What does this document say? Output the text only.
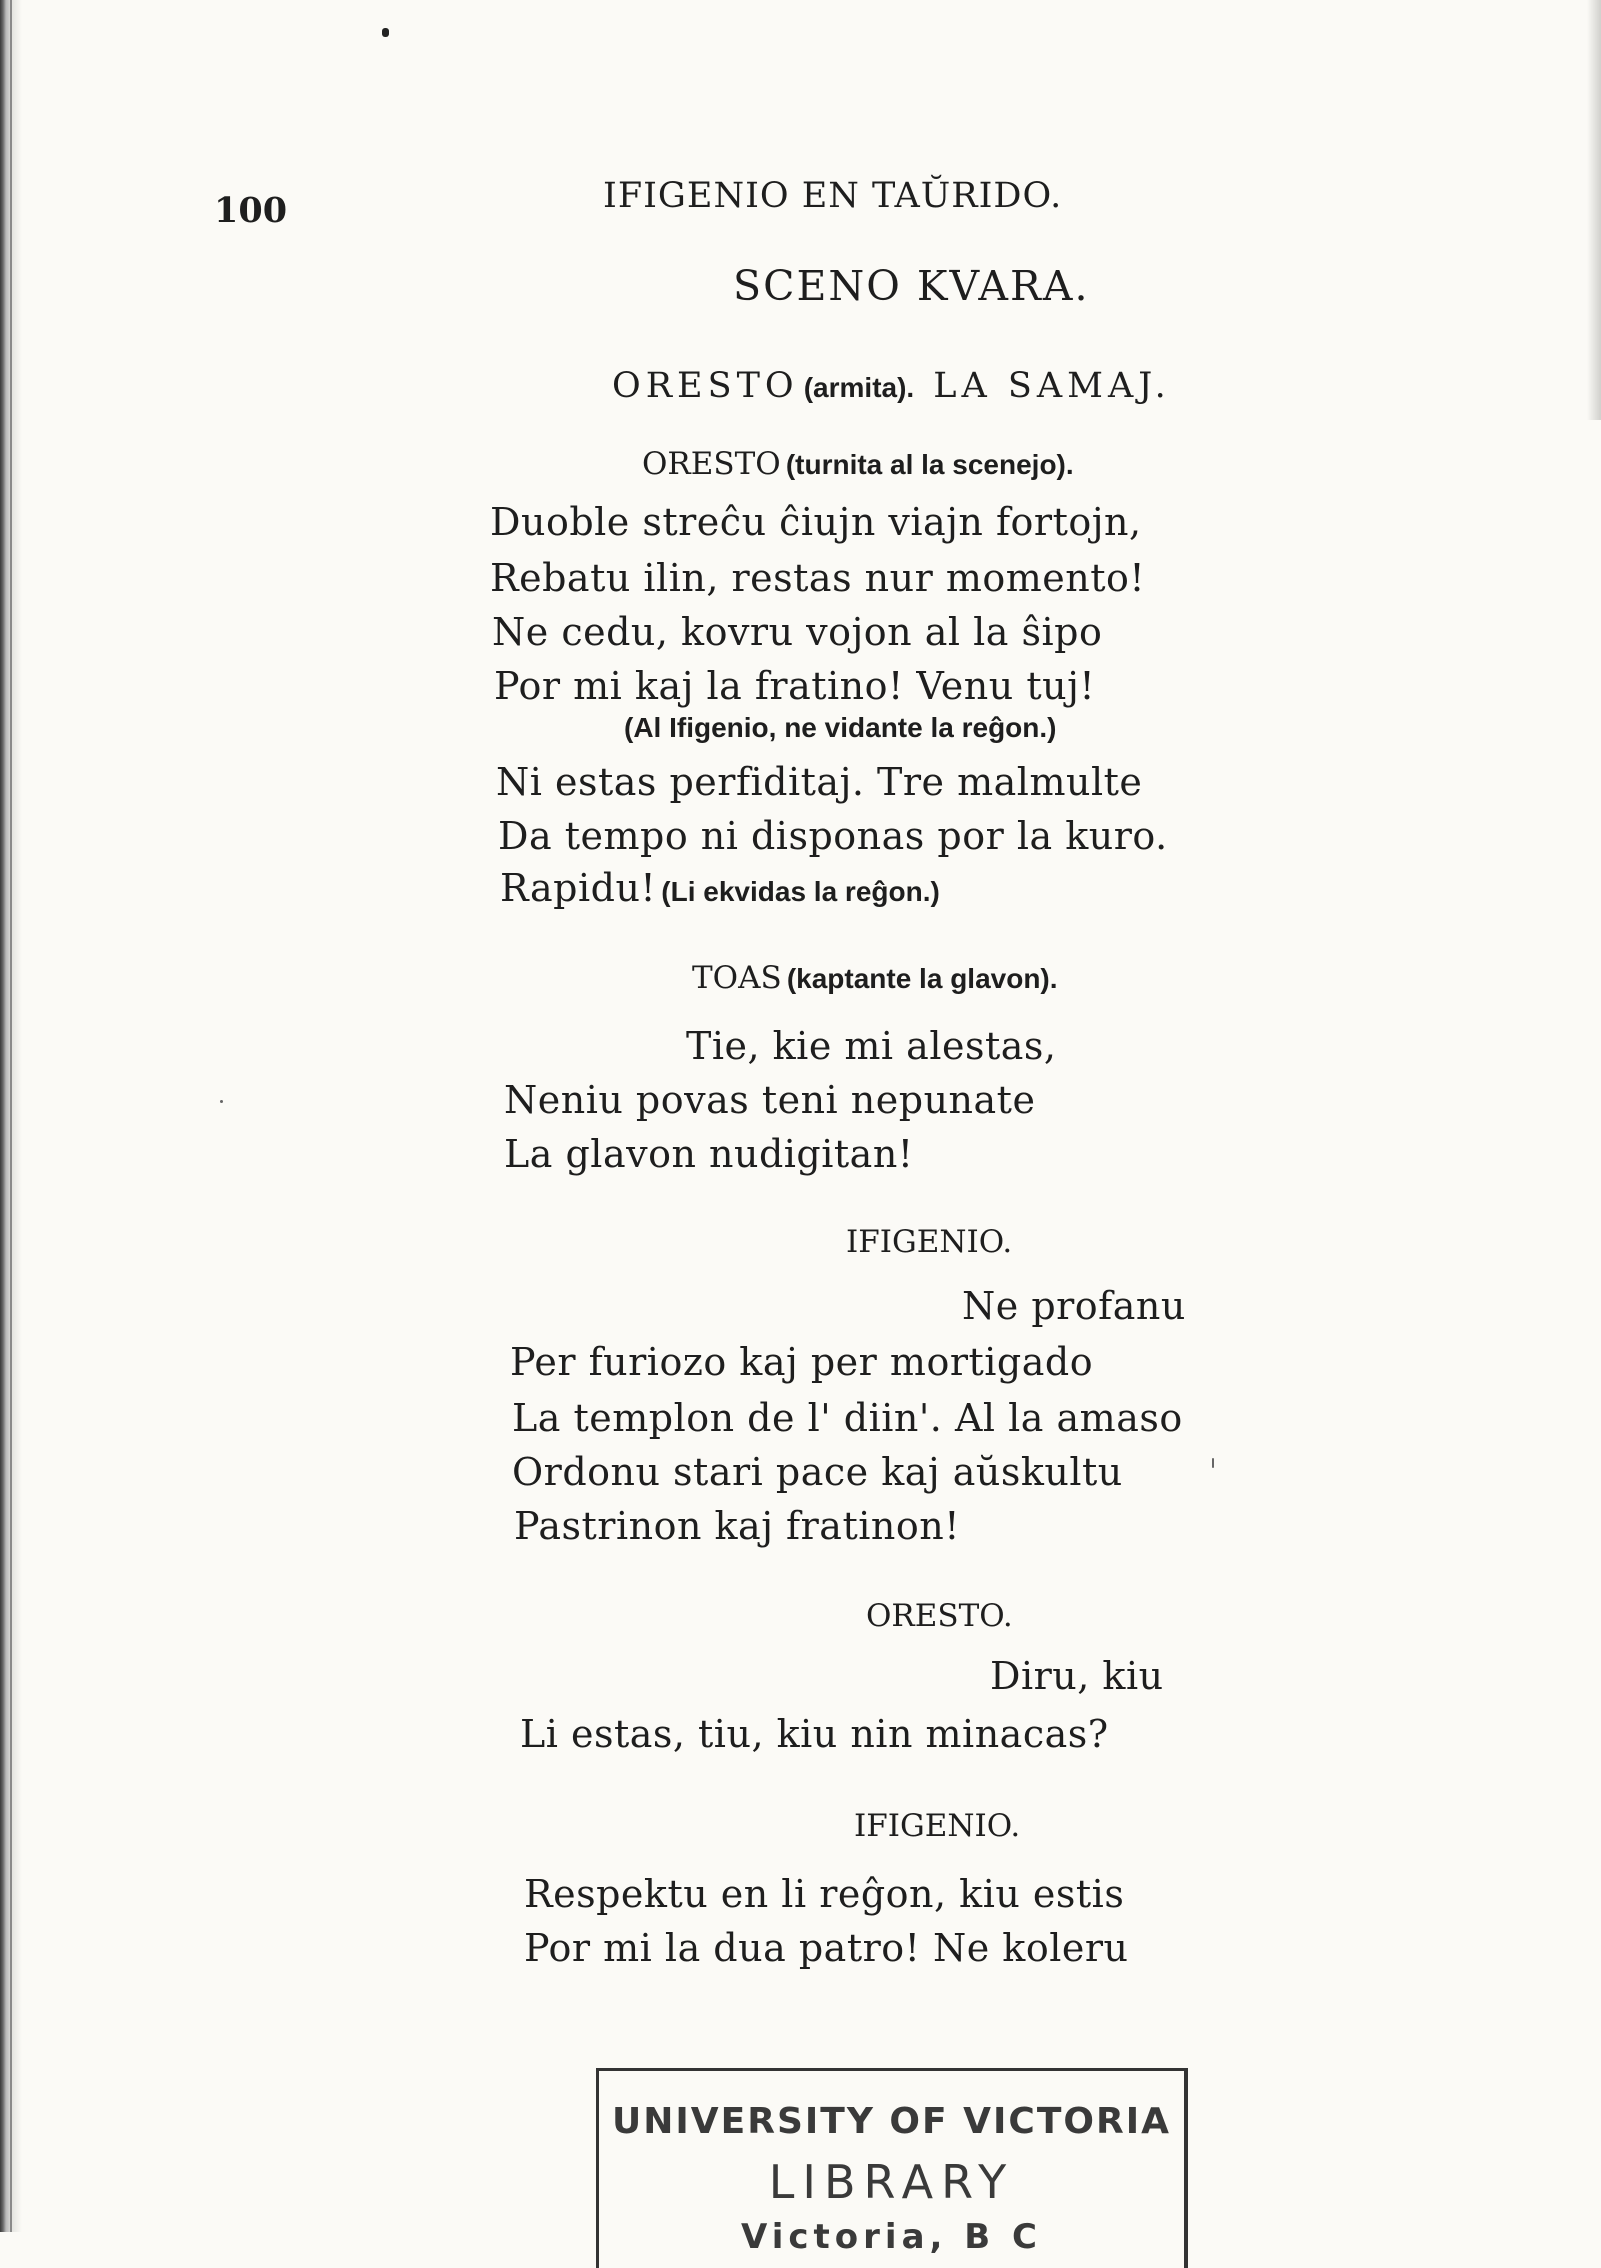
100	IFIGENIO EN TAŬRIDO.
SCENO KVARA.
ORESTO (armita). LA SAMAJ.
ORESTO (turnita al la scenejo).
Duoble streĉu ĉiujn viajn fortojn,
Rebatu ilin, restas nur momento!
Ne cedu, kovru vojon al la ŝipo
Por mi kaj la fratino! Venu tuj!
(Al Ifigenio, ne vidante la reĝon.)
Ni estas perfiditaj. Tre malmulte
Da tempo ni disponas por la kuro.
Rapidu! (Li ekvidas la reĝon.)
TOAS (kaptante la glavon).
Tie, kie mi alestas,
Neniu povas teni nepunate
La glavon nudigitan!
IFIGENIO.
Ne profanu
Per furiozo kaj per mortigado
La templon de l' diin'. Al la amaso
Ordonu stari pace kaj aŭskultu
Pastrinon kaj fratinon!
ORESTO.
Diru, kiu
Li estas, tiu, kiu nin minacas?
IFIGENIO.
Respektu en li reĝon, kiu estis
Por mi la dua patro! Ne koleru
UNIVERSITY OF VICTORIA
LIBRARY
Victoria, B C
